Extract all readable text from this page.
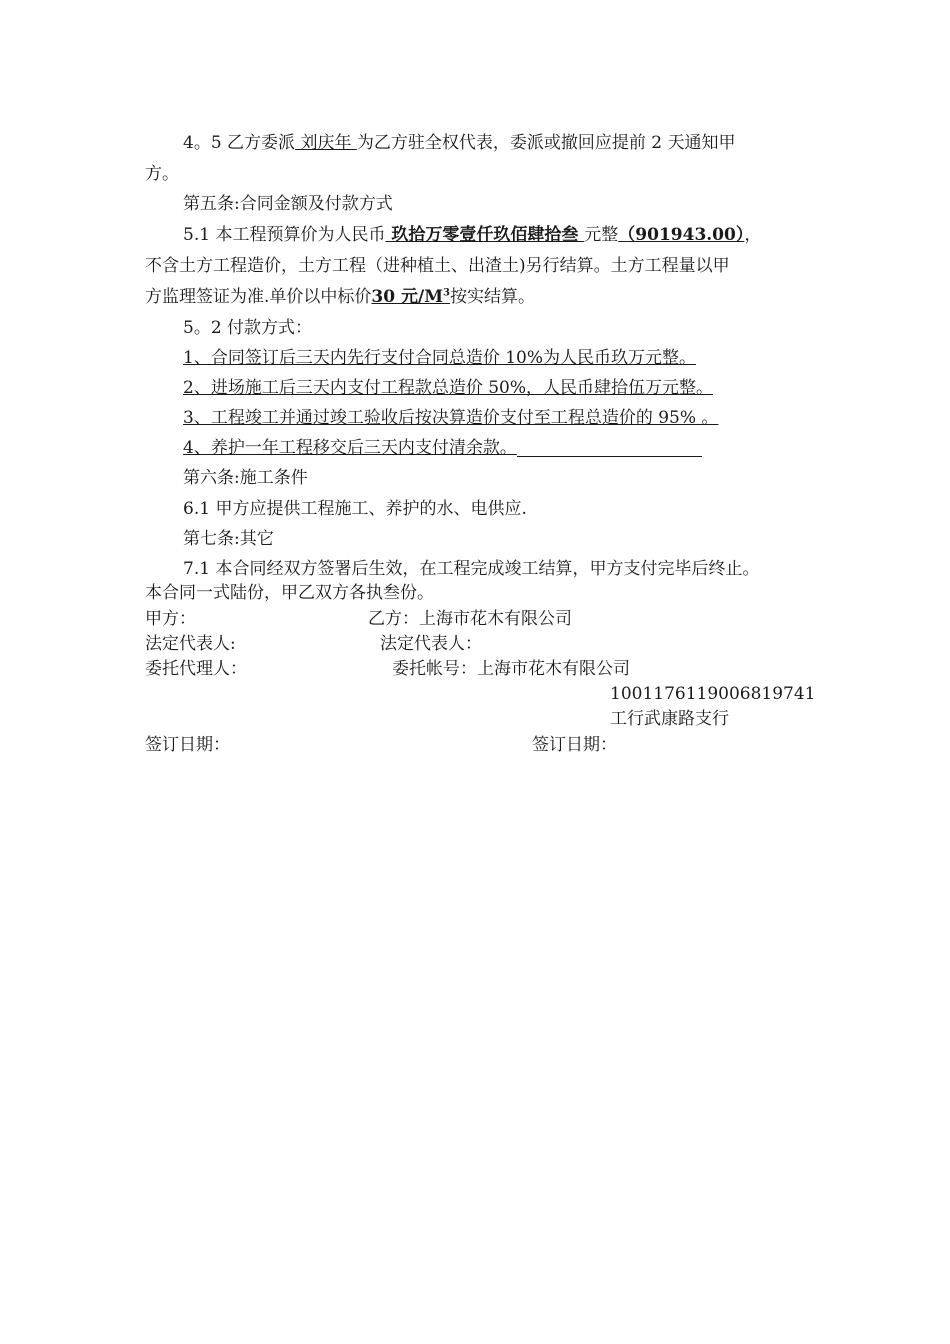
4。5 乙方委派 刘庆年 为乙方驻全权代表，委派或撤回应提前 2 天通知甲
方。
第五条:合同金额及付款方式
5.1 本工程预算价为人民币 玖拾万零壹仟玖佰肆拾叁 元整（901943.00），
不含土方工程造价，土方工程（进种植土、出渣土)另行结算。土方工程量以甲
方监理签证为准.单价以中标价30 元$/M^3$按实结算。
5。2 付款方式：
1、合同签订后三天内先行支付合同总造价 10%为人民币玖万元整。
2、进场施工后三天内支付工程款总造价 50%，人民币肆拾伍万元整。
3、工程竣工并通过竣工验收后按决算造价支付至工程总造价的 95% 。
4、养护一年工程移交后三天内支付清余款。
第六条:施工条件
6.1 甲方应提供工程施工、养护的水、电供应.
第七条:其它
7.1 本合同经双方签署后生效，在工程完成竣工结算，甲方支付完毕后终止。
本合同一式陆份，甲乙双方各执叁份。
甲方：	乙方：上海市花木有限公司
法定代表人:	法定代表人：
委托代理人：	委托帐号：上海市花木有限公司
1001176119006819741
工行武康路支行
签订日期：	签订日期：
